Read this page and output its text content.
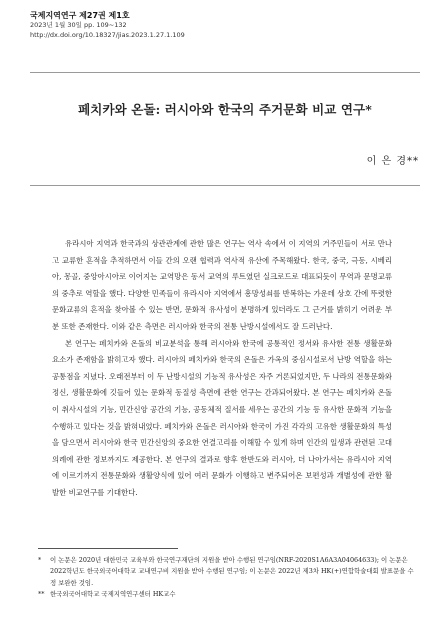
국제지역연구 제27권 제1호
2023년 1월 30일 pp. 109~132
http://dx.doi.org/10.18327/jias.2023.1.27.1.109
페치카와 온돌: 러시아와 한국의 주거문화 비교 연구*
이 은 경**

유라시아 지역과 한국과의 상관관계에 관한 많은 연구는 역사 속에서 이 지역의 거주민들이 서로 만나고 교류한 흔적을 추적하면서 이들 간의 오랜 협력과 역사적 유산에 주목해왔다. 한국, 중국, 극동, 시베리아, 몽골, 중앙아시아로 이어지는 교역망은 동서 교역의 루트였던 실크로드로 대표되듯이 무역과 문명교류의 중추로 역할을 했다. 다양한 민족들이 유라시아 지역에서 흥망성쇠를 반복하는 가운데 상호 간에 뚜렷한 문화교류의 흔적을 찾아볼 수 있는 반면, 문화적 유사성이 분명하게 있더라도 그 근거를 밝히기 어려운 부분 또한 존재한다. 이와 같은 측면은 러시아와 한국의 전통 난방시설에서도 잘 드러난다.

본 연구는 페치카와 온돌의 비교분석을 통해 러시아와 한국에 공통적인 정서와 유사한 전통 생활문화 요소가 존재함을 밝히고자 했다. 러시아의 페치카와 한국의 온돌은 가옥의 중심시설로서 난방 역할을 하는 공통점을 지녔다. 오래전부터 이 두 난방시설의 기능적 유사성은 자주 거론되었지만, 두 나라의 전통문화와 정신, 생활문화에 깃들어 있는 문화적 동질성 측면에 관한 연구는 간과되어왔다. 본 연구는 페치카와 온돌이 취사시설의 기능, 민간신앙 공간의 기능, 공동체적 질서를 세우는 공간의 기능 등 유사한 문화적 기능을 수행하고 있다는 것을 밝혀내었다. 페치카와 온돌은 러시아와 한국이 가진 각각의 고유한 생활문화의 특성을 담으면서 러시아와 한국 민간신앙의 중요한 연결고리를 이해할 수 있게 하며 인간의 일생과 관련된 고대 의례에 관한 정보까지도 제공한다. 본 연구의 결과로 향후 한반도와 러시아, 더 나아가서는 유라시아 지역에 이르기까지 전통문화와 생활양식에 있어 여러 문화가 이행하고 변주되어온 보편성과 개별성에 관한 활발한 비교연구를 기대한다.

*	이 논문은 2020년 대한민국 교육부와 한국연구재단의 지원을 받아 수행된 연구임(NRF-2020S1A6A3A04064633); 이 논문은 2022학년도 한국외국어대학교 교내연구비 지원을 받아 수행된 연구임; 이 논문은 2022년 제3차 HK(+)연합학술대회 발표문을 수정 보완한 것임.
** 한국외국어대학교 국제지역연구센터 HK교수
